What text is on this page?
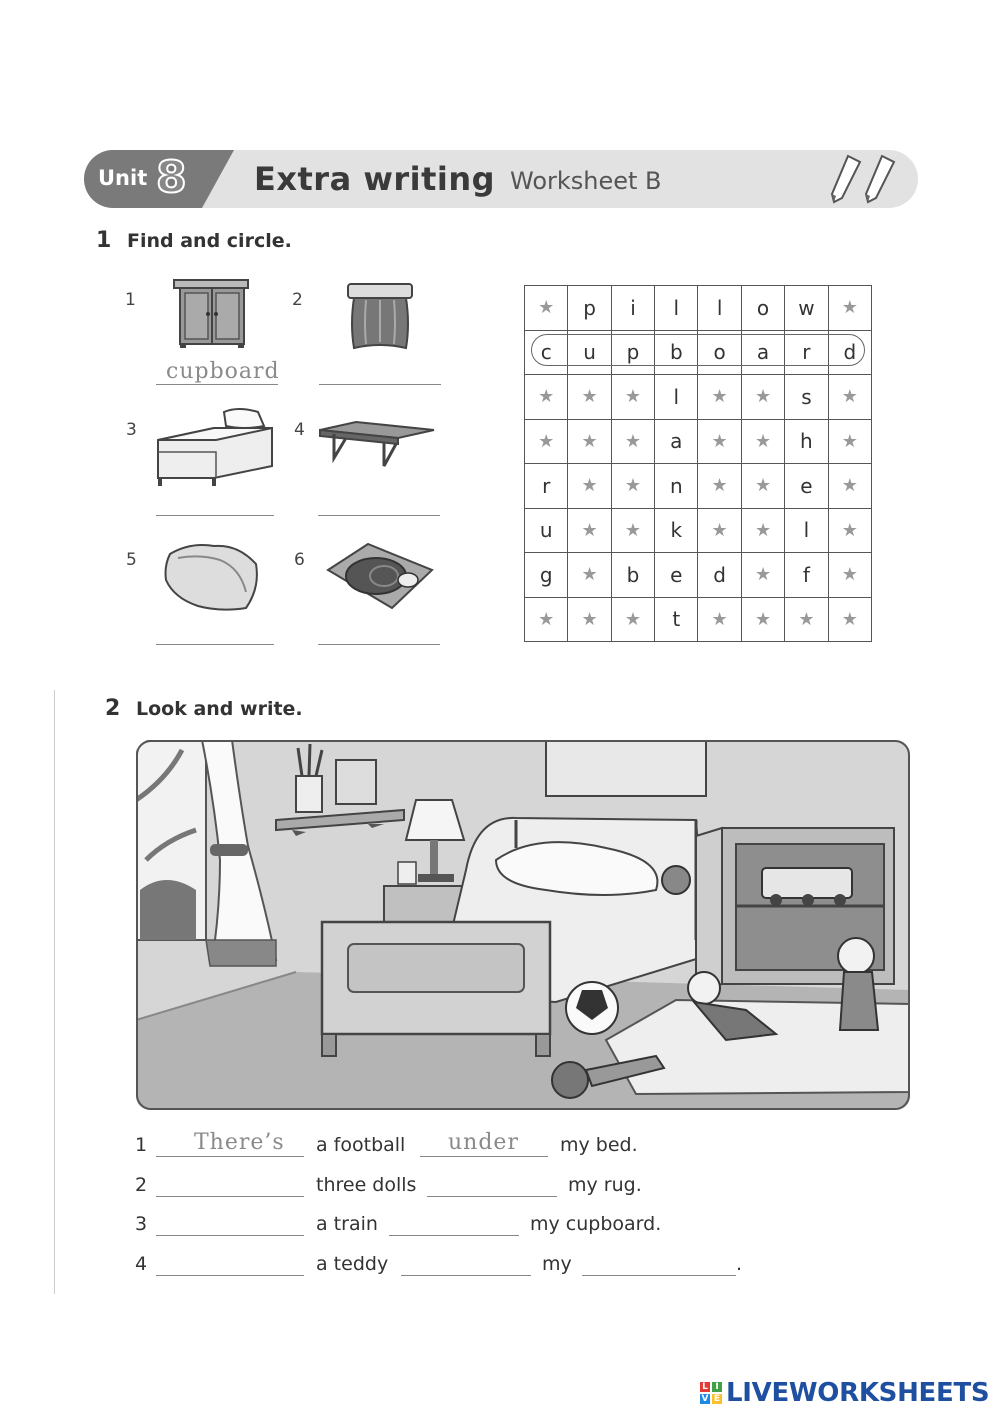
Unit 8 Extra writing Worksheet B
1 Find and circle.
1
cupboard
2
3	4
5	6
★	p	i	l	l	o	w	★
c	u	p	b	o	a	r	d
★	★	★	l	★	★	s	★
★	★	★	a	★	★	h	★
r	★	★	n	★	★	e	★
u	★	★	k	★	★	l	★
g	★	b	e	d	★	f	★
★	★	★	t	★	★	★	★
2 Look and write.
1 There’s a football under my bed.
2	three dolls	my rug.
3	a train	my cupboard.
4	a teddy	my	.
L I
V E LIVEWORKSHEETS
